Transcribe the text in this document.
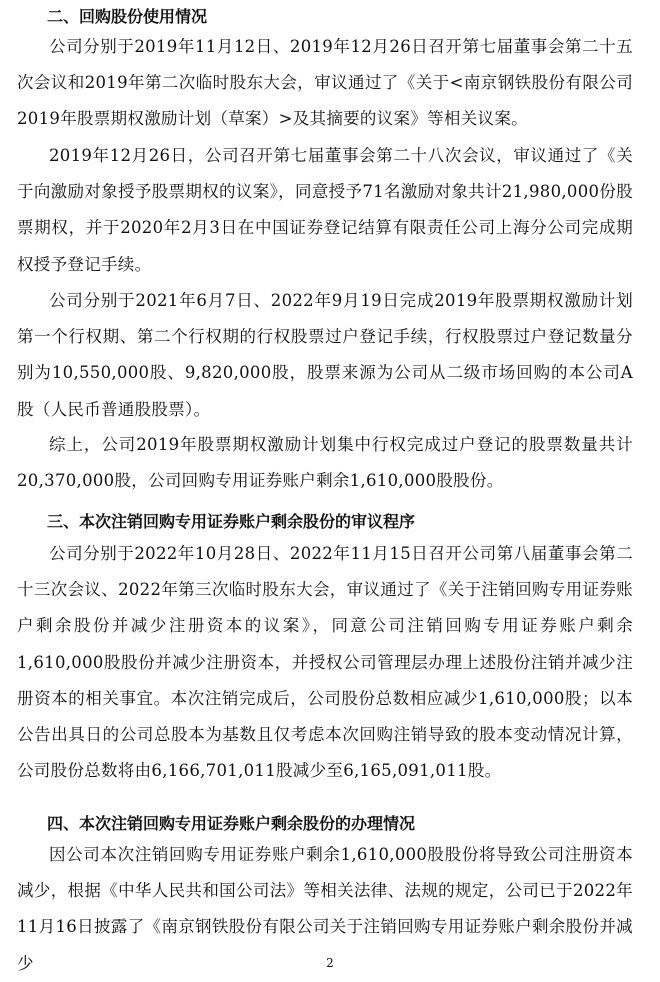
二、回购股份使用情况

公司分别于2019年11月12日、2019年12月26日召开第七届董事会第二十五次会议和2019年第二次临时股东大会，审议通过了《关于<南京钢铁股份有限公司2019年股票期权激励计划（草案）>及其摘要的议案》等相关议案。

2019年12月26日，公司召开第七届董事会第二十八次会议，审议通过了《关于向激励对象授予股票期权的议案》，同意授予71名激励对象共计21,980,000份股票期权，并于2020年2月3日在中国证券登记结算有限责任公司上海分公司完成期权授予登记手续。

公司分别于2021年6月7日、2022年9月19日完成2019年股票期权激励计划第一个行权期、第二个行权期的行权股票过户登记手续，行权股票过户登记数量分别为10,550,000股、9,820,000股，股票来源为公司从二级市场回购的本公司A股（人民币普通股股票）。

综上，公司2019年股票期权激励计划集中行权完成过户登记的股票数量共计20,370,000股，公司回购专用证券账户剩余1,610,000股股份。

三、本次注销回购专用证券账户剩余股份的审议程序

公司分别于2022年10月28日、2022年11月15日召开公司第八届董事会第二十三次会议、2022年第三次临时股东大会，审议通过了《关于注销回购专用证券账户剩余股份并减少注册资本的议案》，同意公司注销回购专用证券账户剩余1,610,000股股份并减少注册资本，并授权公司管理层办理上述股份注销并减少注册资本的相关事宜。本次注销完成后，公司股份总数相应减少1,610,000股；以本公告出具日的公司总股本为基数且仅考虑本次回购注销导致的股本变动情况计算，公司股份总数将由6,166,701,011股减少至6,165,091,011股。

四、本次注销回购专用证券账户剩余股份的办理情况

因公司本次注销回购专用证券账户剩余1,610,000股股份将导致公司注册资本减少，根据《中华人民共和国公司法》等相关法律、法规的规定，公司已于2022年11月16日披露了《南京钢铁股份有限公司关于注销回购专用证券账户剩余股份并减少	2
